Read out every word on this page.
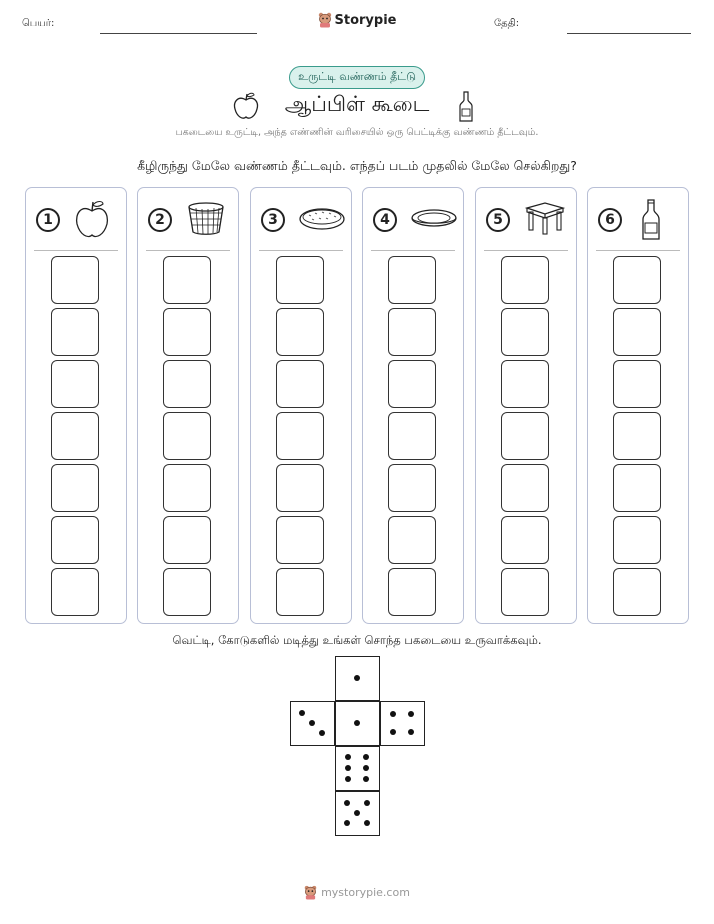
பெயர்:	Storypie	தேதி:
உருட்டி வண்ணம் தீட்டு
ஆப்பிள் கூடை
பகடையை உருட்டி, அந்த எண்ணின் வரிசையில் ஒரு பெட்டிக்கு வண்ணம் தீட்டவும்.
கீழிருந்து மேலே வண்ணம் தீட்டவும். எந்தப் படம் முதலில் மேலே செல்கிறது?
1	2	3	4	5	6
வெட்டி, கோடுகளில் மடித்து உங்கள் சொந்த பகடையை உருவாக்கவும்.
mystorypie.com
